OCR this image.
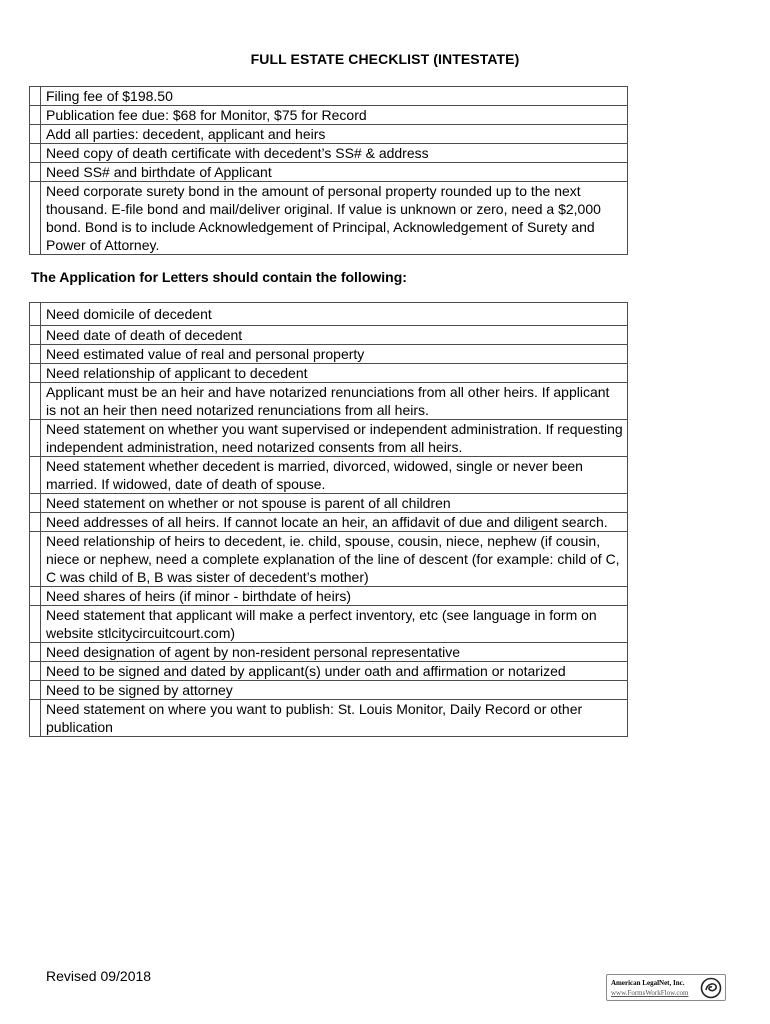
FULL ESTATE CHECKLIST (INTESTATE)
	Filing fee of $198.50
	Publication fee due: $68 for Monitor, $75 for Record
	Add all parties: decedent, applicant and heirs
	Need copy of death certificate with decedent’s SS# & address
	Need SS# and birthdate of Applicant
	Need corporate surety bond in the amount of personal property rounded up to the next thousand. E-file bond and mail/deliver original. If value is unknown or zero, need a $2,000 bond. Bond is to include Acknowledgement of Principal, Acknowledgement of Surety and Power of Attorney.
The Application for Letters should contain the following:
	Need domicile of decedent
	Need date of death of decedent
	Need estimated value of real and personal property
	Need relationship of applicant to decedent
	Applicant must be an heir and have notarized renunciations from all other heirs. If applicant is not an heir then need notarized renunciations from all heirs.
	Need statement on whether you want supervised or independent administration. If requesting independent administration, need notarized consents from all heirs.
	Need statement whether decedent is married, divorced, widowed, single or never been married. If widowed, date of death of spouse.
	Need statement on whether or not spouse is parent of all children
	Need addresses of all heirs. If cannot locate an heir, an affidavit of due and diligent search.
	Need relationship of heirs to decedent, ie. child, spouse, cousin, niece, nephew (if cousin, niece or nephew, need a complete explanation of the line of descent (for example: child of C, C was child of B, B was sister of decedent’s mother)
	Need shares of heirs (if minor - birthdate of heirs)
	Need statement that applicant will make a perfect inventory, etc (see language in form on website stlcitycircuitcourt.com)
	Need designation of agent by non-resident personal representative
	Need to be signed and dated by applicant(s) under oath and affirmation or notarized
	Need to be signed by attorney
	Need statement on where you want to publish: St. Louis Monitor, Daily Record or other publication
Revised 09/2018	American LegalNet, Inc.
www.FormsWorkFlow.com
